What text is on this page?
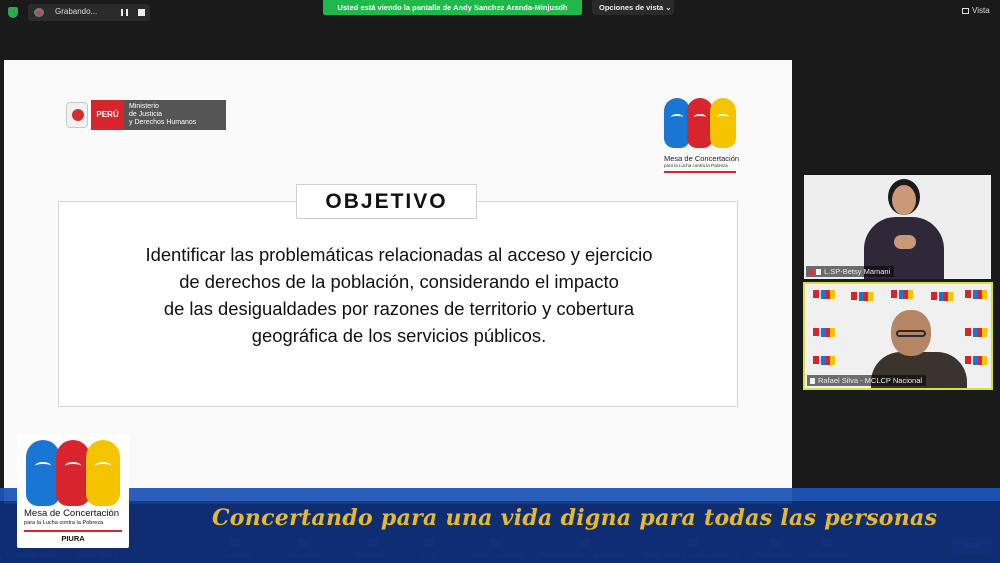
Grabando...	Usted está viendo la pantalla de Andy Sanchez Aranda-Minjusdh	Opciones de vista ⌄	Vista
PERÚ
Ministerio
de Justicia
y Derechos Humanos
Mesa de Concertación
para la Lucha contra la Pobreza
OBJETIVO
Identificar las problemáticas relacionadas al acceso y ejercicio
de derechos de la población, considerando el impacto
de las desigualdades por razones de territorio y cobertura
geográfica de los servicios públicos.
L.SP-Betsy Mamani
Rafael Silva - MCLCP Nacional
Concertando para una vida digna para todas las personas
Mesa de Concertación
para la Lucha contra la Pobreza
PIURA
